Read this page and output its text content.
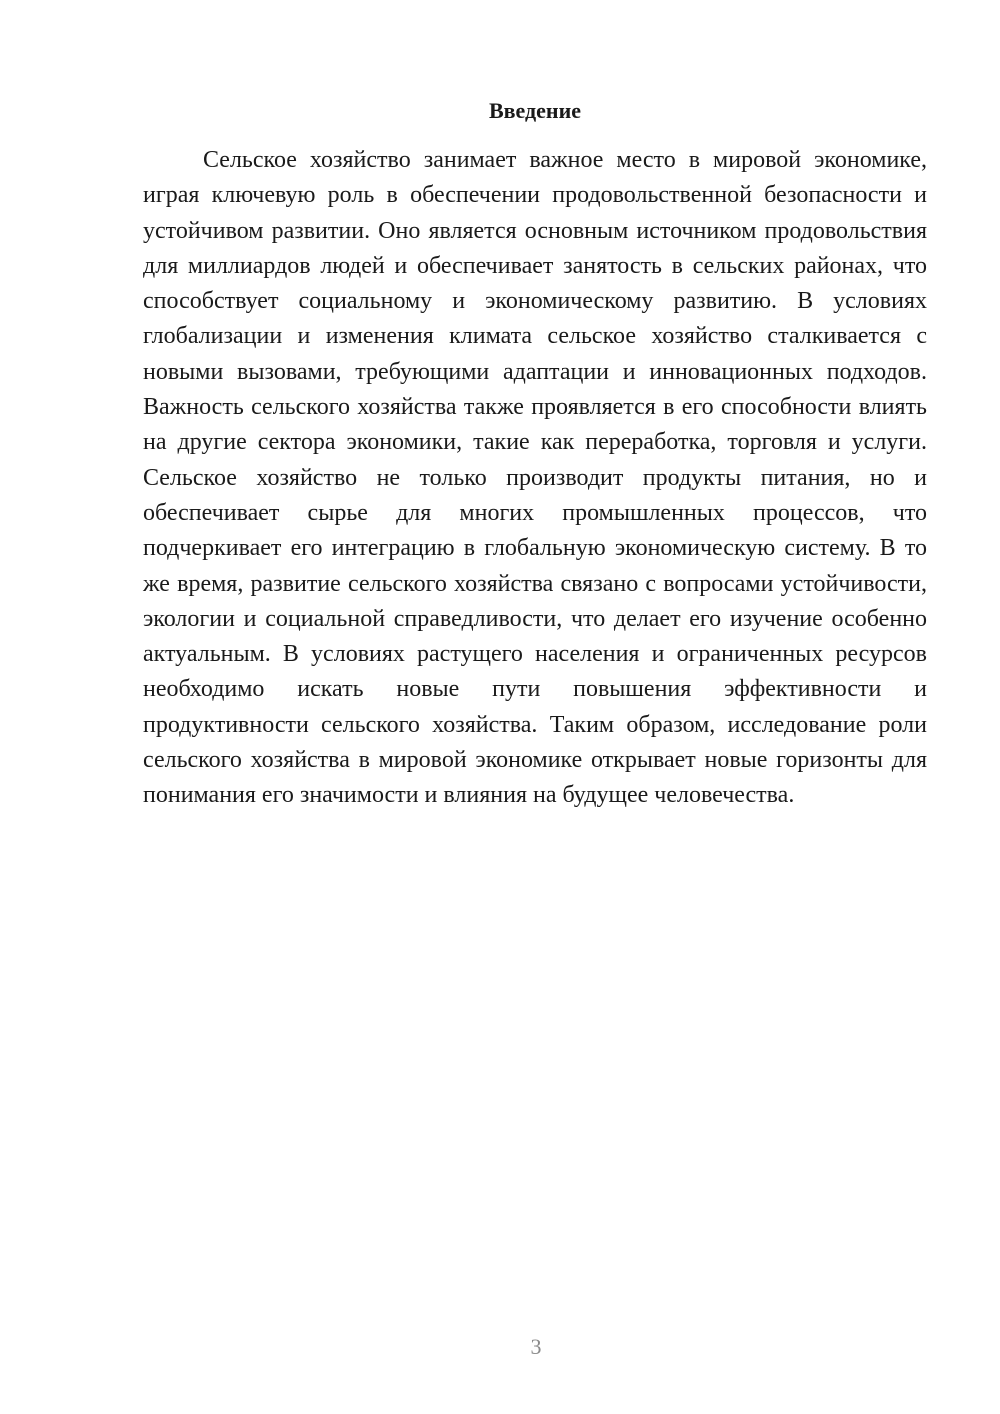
Введение

Сельское хозяйство занимает важное место в мировой экономике, играя ключевую роль в обеспечении продовольственной безопасности и устойчивом развитии. Оно является основным источником продовольствия для миллиардов людей и обеспечивает занятость в сельских районах, что способствует социальному и экономическому развитию. В условиях глобализации и изменения климата сельское хозяйство сталкивается с новыми вызовами, требующими адаптации и инновационных подходов. Важность сельского хозяйства также проявляется в его способности влиять на другие сектора экономики, такие как переработка, торговля и услуги. Сельское хозяйство не только производит продукты питания, но и обеспечивает сырье для многих промышленных процессов, что подчеркивает его интеграцию в глобальную экономическую систему. В то же время, развитие сельского хозяйства связано с вопросами устойчивости, экологии и социальной справедливости, что делает его изучение особенно актуальным. В условиях растущего населения и ограниченных ресурсов необходимо искать новые пути повышения эффективности и продуктивности сельского хозяйства. Таким образом, исследование роли сельского хозяйства в мировой экономике открывает новые горизонты для понимания его значимости и влияния на будущее человечества.

3
